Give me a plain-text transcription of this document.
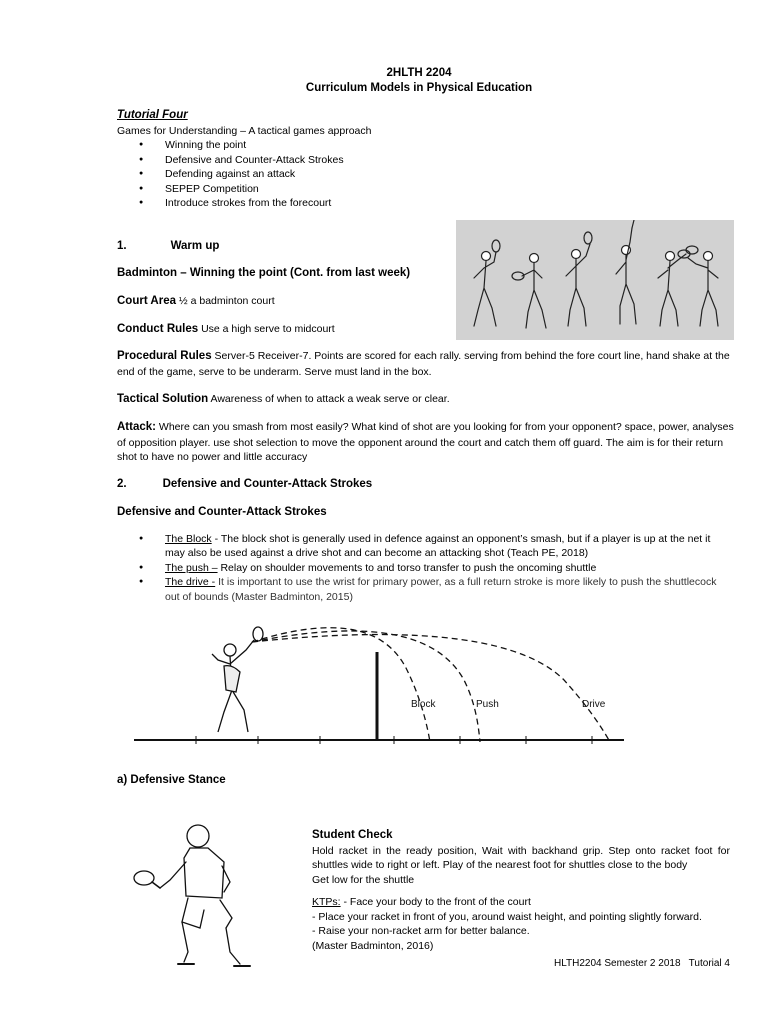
2HLTH 2204
Curriculum Models in Physical Education
Tutorial Four
Games for Understanding – A tactical games approach
● Winning the point
● Defensive and Counter-Attack Strokes
● Defending against an attack
● SEPEP Competition
● Introduce strokes from the forecourt
1.	Warm up
Badminton – Winning the point (Cont. from last week)
Court Area ½ a badminton court
Conduct Rules Use a high serve to midcourt
Procedural Rules Server-5 Receiver-7. Points are scored for each rally. serving from behind the fore court line, hand shake at the end of the game, serve to be underarm. Serve must land in the box.
Tactical Solution Awareness of when to attack a weak serve or clear.
Attack: Where can you smash from most easily? What kind of shot are you looking for from your opponent? space, power, analyses of opposition player. use shot selection to move the opponent around the court and catch them off guard. The aim is for their return shot to have no power and little accuracy
2.	Defensive and Counter-Attack Strokes
Defensive and Counter-Attack Strokes
● The Block - The block shot is generally used in defence against an opponent’s smash, but if a player is up at the net it may also be used against a drive shot and can become an attacking shot (Teach PE, 2018)
● The push – Relay on shoulder movements to and torso transfer to push the oncoming shuttle
● The drive - It is important to use the wrist for primary power, as a full return stroke is more likely to push the shuttlecock out of bounds (Master Badminton, 2015)
Block	Push	Drive
a) Defensive Stance
Student Check
Hold racket in the ready position, Wait with backhand grip. Step onto racket foot for shuttles wide to right or left. Play of the nearest foot for shuttles close to the body
Get low for the shuttle
KTPs: - Face your body to the front of the court
- Place your racket in front of you, around waist height, and pointing slightly forward.
- Raise your non-racket arm for better balance.
(Master Badminton, 2016)
HLTH2204 Semester 2 2018   Tutorial 4
